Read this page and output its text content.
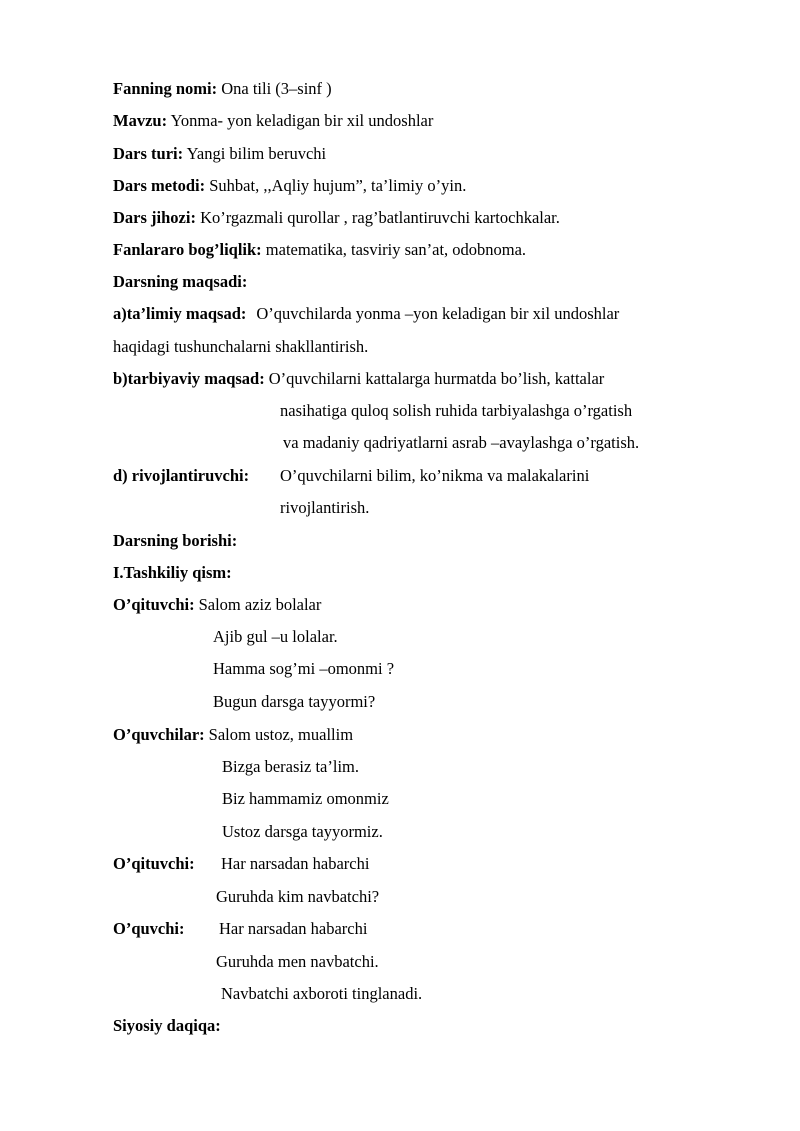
Fanning nomi: Ona tili (3–sinf )
Mavzu: Yonma- yon keladigan bir xil undoshlar
Dars turi: Yangi bilim beruvchi
Dars metodi: Suhbat, ,,Aqliy hujum”, ta’limiy o’yin.
Dars jihozi: Ko’rgazmali qurollar , rag’batlantiruvchi kartochkalar.
Fanlararo bog’liqlik: matematika, tasviriy san’at, odobnoma.
Darsning maqsadi:
a)ta’limiy maqsad: O’quvchilarda yonma –yon keladigan bir xil undoshlar
haqidagi tushunchalarni shakllantirish.
b)tarbiyaviy maqsad: O’quvchilarni kattalarga hurmatda bo’lish, kattalar
nasihatiga quloq solish ruhida tarbiyalashga o’rgatish
va madaniy qadriyatlarni asrab –avaylashga o’rgatish.
d) rivojlantiruvchi: O’quvchilarni bilim, ko’nikma va malakalarini
rivojlantirish.
Darsning borishi:
I.Tashkiliy qism:
O’qituvchi: Salom aziz bolalar
Ajib gul –u lolalar.
Hamma sog’mi –omonmi ?
Bugun darsga tayyormi?
O’quvchilar: Salom ustoz, muallim
Bizga berasiz ta’lim.
Biz hammamiz omonmiz
Ustoz darsga tayyormiz.
O’qituvchi: Har narsadan habarchi
Guruhda kim navbatchi?
O’quvchi: Har narsadan habarchi
Guruhda men navbatchi.
Navbatchi axboroti tinglanadi.
Siyosiy daqiqa:
